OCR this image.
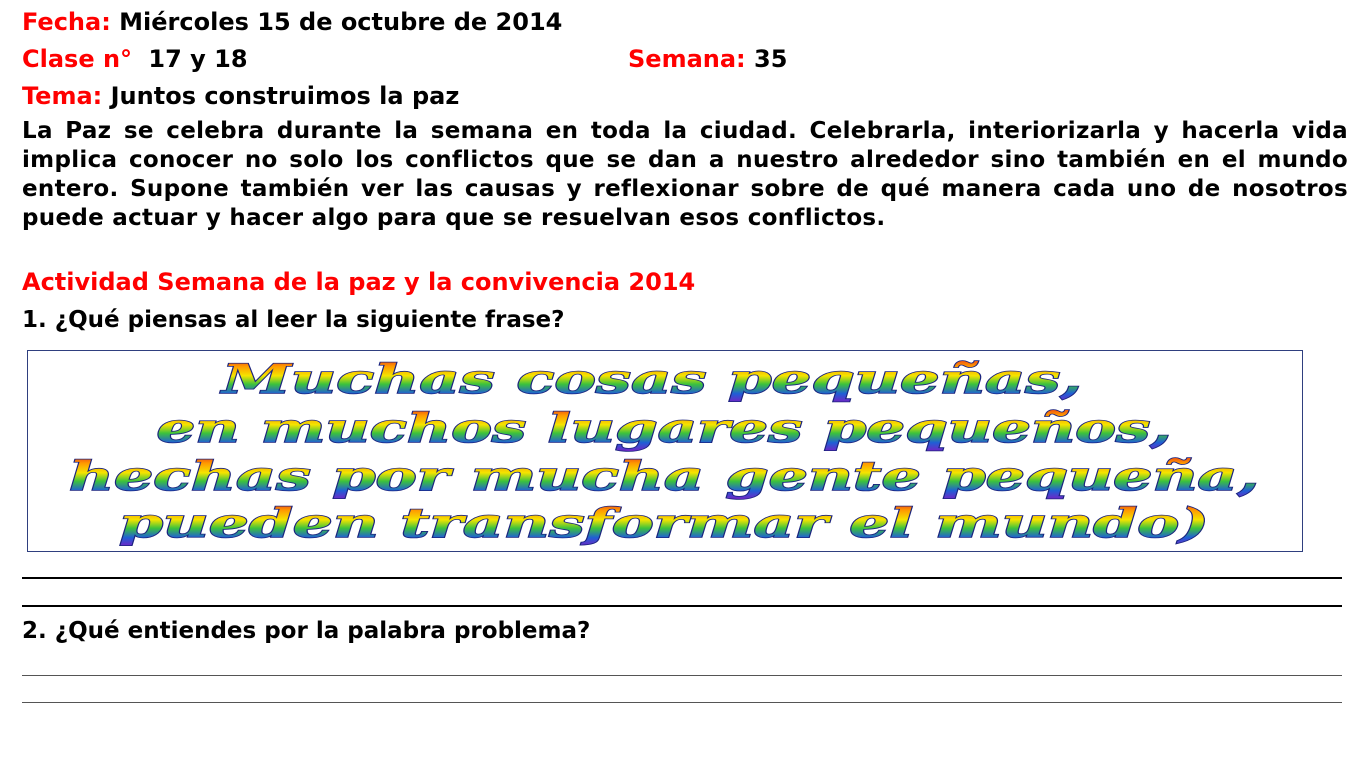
Fecha: Miércoles 15 de octubre de 2014
Clase n° 17 y 18	Semana: 35
Tema: Juntos construimos la paz
La Paz se celebra durante la semana en toda la ciudad. Celebrarla, interiorizarla y hacerla vida implica conocer no solo los conflictos que se dan a nuestro alrededor sino también en el mundo entero. Supone también ver las causas y reflexionar sobre de qué manera cada uno de nosotros puede actuar y hacer algo para que se resuelvan esos conflictos.
Actividad Semana de la paz y la convivencia 2014
1. ¿Qué piensas al leer la siguiente frase?
Muchas cosas pequeñas,
en muchos lugares pequeños,
hechas por mucha gente pequeña,
pueden transformar el mundo)
2. ¿Qué entiendes por la palabra problema?
